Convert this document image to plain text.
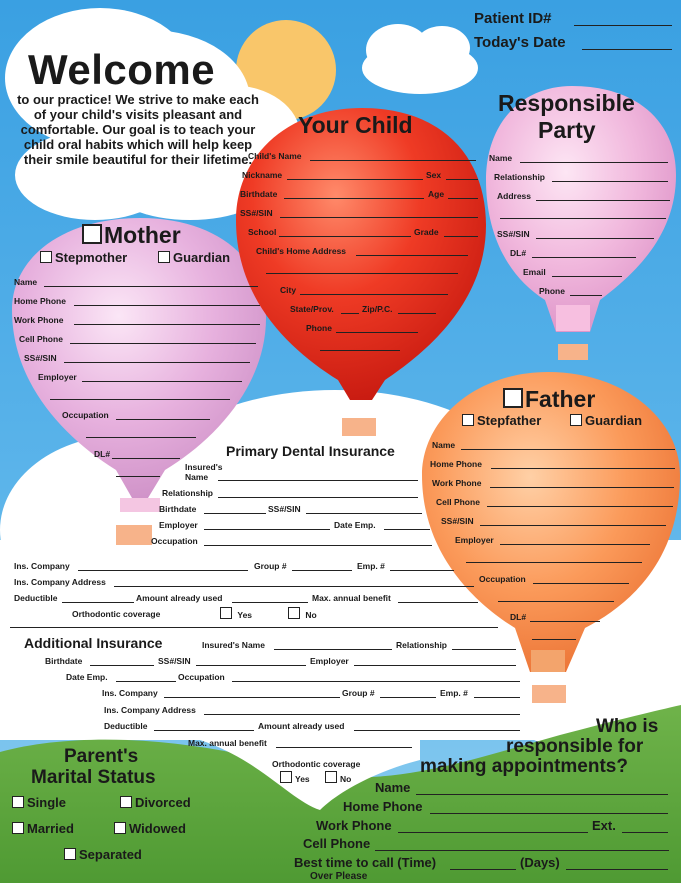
Patient ID#
Today's Date
Welcome
to our practice! We strive to make each of your child's visits pleasant and comfortable. Our goal is to teach your child oral habits which will help keep their smile beautiful for their lifetime.
Your Child
Child's Name
Nickname	Sex
Birthdate	Age
SS#/SIN
School	Grade
Child's Home Address
City
State/Prov.	Zip/P.C.
Phone
Responsible
Party
Name
Relationship
Address
SS#/SIN
DL#
Email
Phone
Mother
Stepmother	Guardian
Name
Home Phone
Work Phone
Cell Phone
SS#/SIN
Employer
Occupation
DL#
Father
Stepfather	Guardian
Name
Home Phone
Work Phone
Cell Phone
SS#/SIN
Employer
Occupation
DL#
Primary Dental Insurance
Insured's
Name
Relationship
Birthdate	SS#/SIN
Employer	Date Emp.
Occupation
Ins. Company	Group #	Emp. #
Ins. Company Address
Deductible	Amount already used	Max. annual benefit
Orthodontic coverage	Yes	No
Additional Insurance	Insured's Name	Relationship
Birthdate	SS#/SIN	Employer
Date Emp.	Occupation
Ins. Company	Group #	Emp. #
Ins. Company Address
Deductible	Amount already used
Max. annual benefit
Orthodontic coverage
Yes	No
Parent's
Marital Status
Single	Divorced
Married	Widowed
Separated
Who is
responsible for
making appointments?
Name
Home Phone
Work Phone	Ext.
Cell Phone
Best time to call (Time)	(Days)
Over Please
